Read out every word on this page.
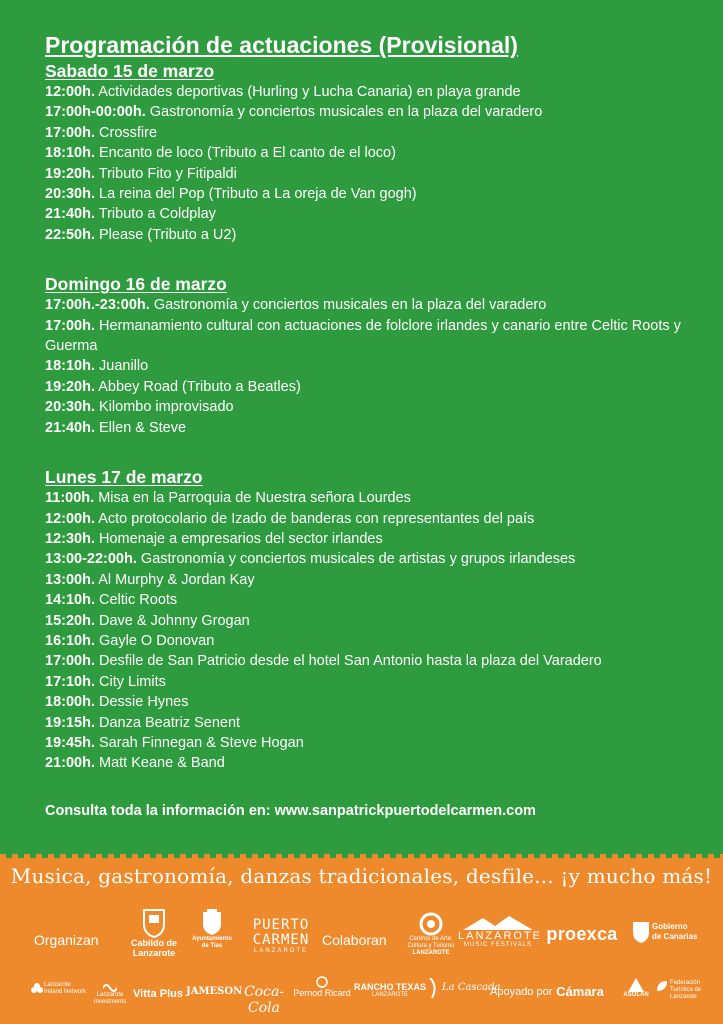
Programación de actuaciones (Provisional)
Sabado 15 de marzo
12:00h. Actividades deportivas (Hurling y Lucha Canaria) en playa grande
17:00h-00:00h. Gastronomía y conciertos musicales en la plaza del varadero
17:00h. Crossfire
18:10h. Encanto de loco (Tributo a El canto de el loco)
19:20h. Tributo Fito y Fitipaldi
20:30h. La reina del Pop (Tributo a La oreja de Van gogh)
21:40h. Tributo a Coldplay
22:50h. Please (Tributo a U2)
Domingo 16 de marzo
17:00h.-23:00h. Gastronomía y conciertos musicales en la plaza del varadero
17:00h. Hermanamiento cultural con actuaciones de folclore irlandes y canario entre Celtic Roots y Guerma
18:10h. Juanillo
19:20h. Abbey Road (Tributo a Beatles)
20:30h. Kilombo improvisado
21:40h. Ellen & Steve
Lunes 17 de marzo
11:00h. Misa en la Parroquia de Nuestra señora Lourdes
12:00h. Acto protocolario de Izado de banderas con representantes del país
12:30h. Homenaje a empresarios del sector irlandes
13:00-22:00h. Gastronomía y conciertos musicales de artistas y grupos irlandeses
13:00h. Al Murphy & Jordan Kay
14:10h. Celtic Roots
15:20h. Dave & Johnny Grogan
16:10h. Gayle O Donovan
17:00h. Desfile de San Patricio desde el hotel San Antonio hasta la plaza del Varadero
17:10h. City Limits
18:00h. Dessie Hynes
19:15h. Danza Beatriz Senent
19:45h. Sarah Finnegan & Steve Hogan
21:00h. Matt Keane & Band
Consulta toda la información en: www.sanpatrickpuertodelcarmen.com
Musica, gastronomía, danzas tradicionales, desfile... ¡y mucho más!
Organizan	Cabildo de Lanzarote
Ayuntamiento de Tías
PUERTO CARMEN
LANZAROTE
Colaboran	Centros de Arte, Cultura y Turismo
LANZAROTE
LANZAROTE
MUSIC FESTIVALS
proexca	Gobierno de Canarias
Lanzarote Ireland Network	Lanzarote Investments
Vitta Plus JAMESON Coca-Cola
Pernod Ricard
RANCHO TEXAS
LANZAROTE
La Cascada
Apoyado por Cámara	ASOLAN
Federación Turística de Lanzarote
